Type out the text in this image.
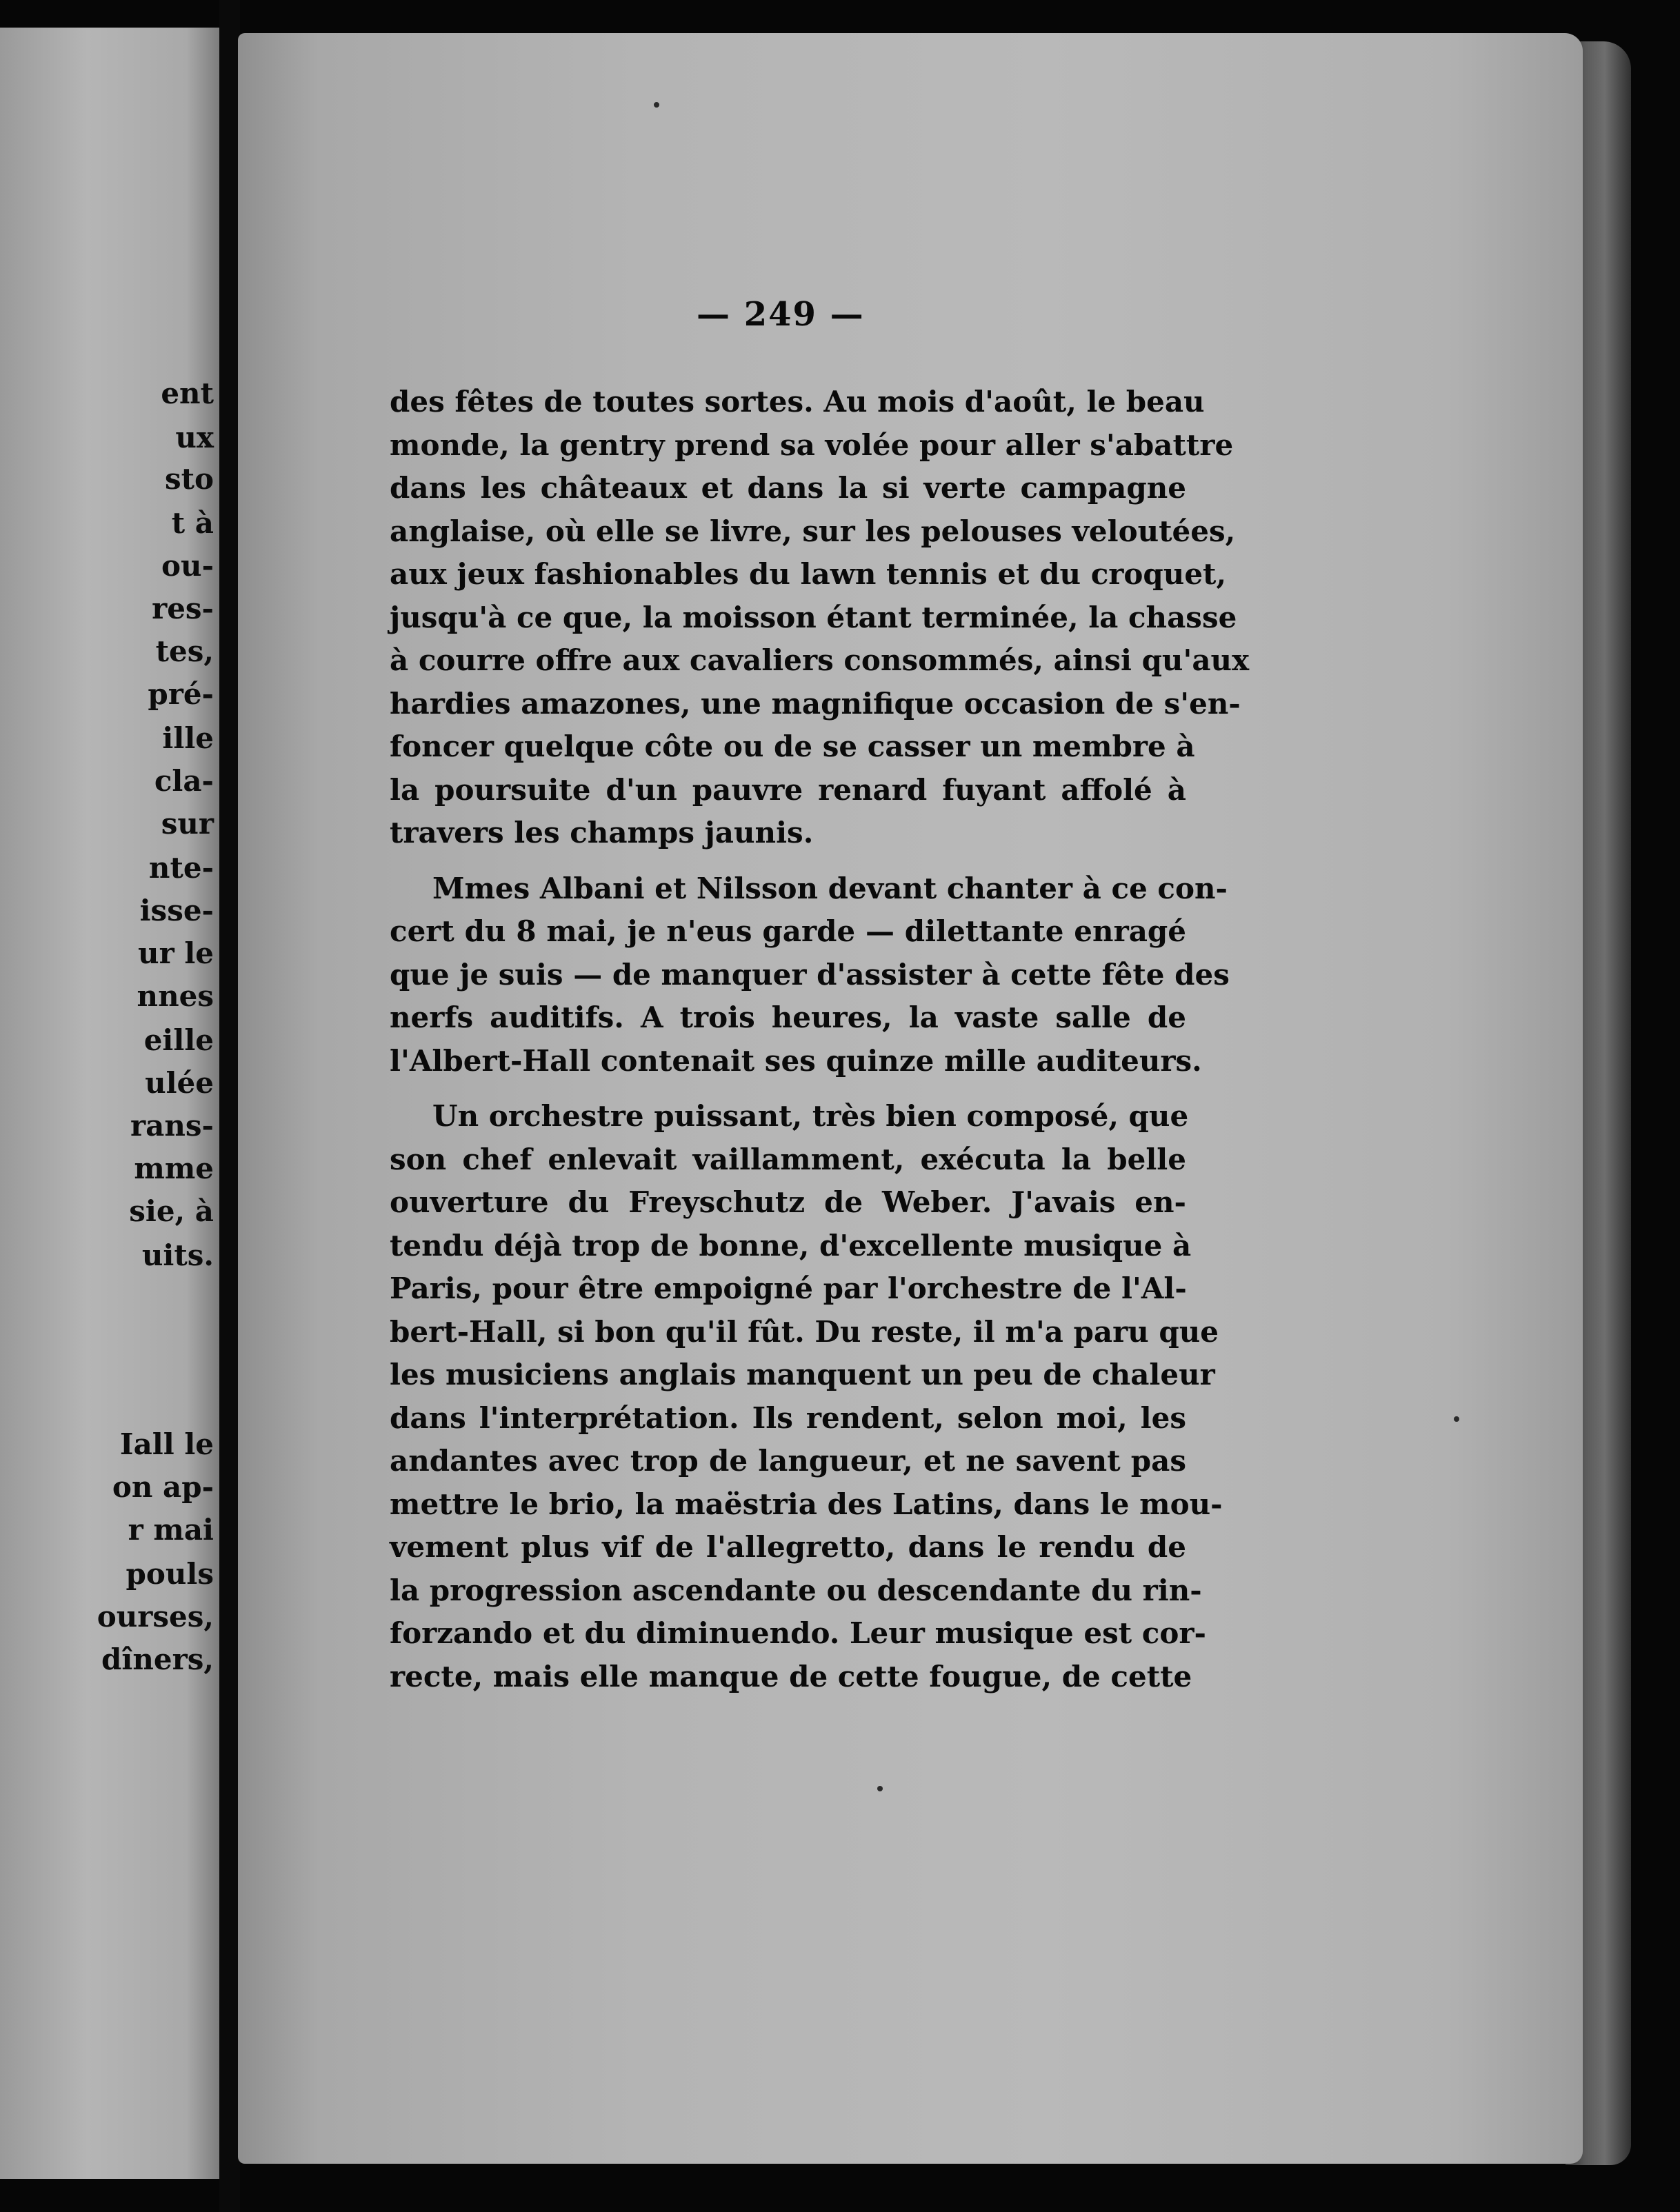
ent
ux
sto
t à
ou-
res-
tes,
pré-
ille
cla-
sur
nte-
isse-
ur le
nnes
eille
ulée
rans-
mme
sie, à
uits.
Iall le
on ap-
r mai
pouls
ourses,
dîners,
— 249 —
des fêtes de toutes sortes. Au mois d'août, le beau
monde, la gentry prend sa volée pour aller s'abattre
dans les châteaux et dans la si verte campagne
anglaise, où elle se livre, sur les pelouses veloutées,
aux jeux fashionables du lawn tennis et du croquet,
jusqu'à ce que, la moisson étant terminée, la chasse
à courre offre aux cavaliers consommés, ainsi qu'aux
hardies amazones, une magnifique occasion de s'en-
foncer quelque côte ou de se casser un membre à
la poursuite d'un pauvre renard fuyant affolé à
travers les champs jaunis.
Mmes Albani et Nilsson devant chanter à ce con-
cert du 8 mai, je n'eus garde — dilettante enragé
que je suis — de manquer d'assister à cette fête des
nerfs auditifs. A trois heures, la vaste salle de
l'Albert-Hall contenait ses quinze mille auditeurs.
Un orchestre puissant, très bien composé, que
son chef enlevait vaillamment, exécuta la belle
ouverture du Freyschutz de Weber. J'avais en-
tendu déjà trop de bonne, d'excellente musique à
Paris, pour être empoigné par l'orchestre de l'Al-
bert-Hall, si bon qu'il fût. Du reste, il m'a paru que
les musiciens anglais manquent un peu de chaleur
dans l'interprétation. Ils rendent, selon moi, les
andantes avec trop de langueur, et ne savent pas
mettre le brio, la maëstria des Latins, dans le mou-
vement plus vif de l'allegretto, dans le rendu de
la progression ascendante ou descendante du rin-
forzando et du diminuendo. Leur musique est cor-
recte, mais elle manque de cette fougue, de cette
